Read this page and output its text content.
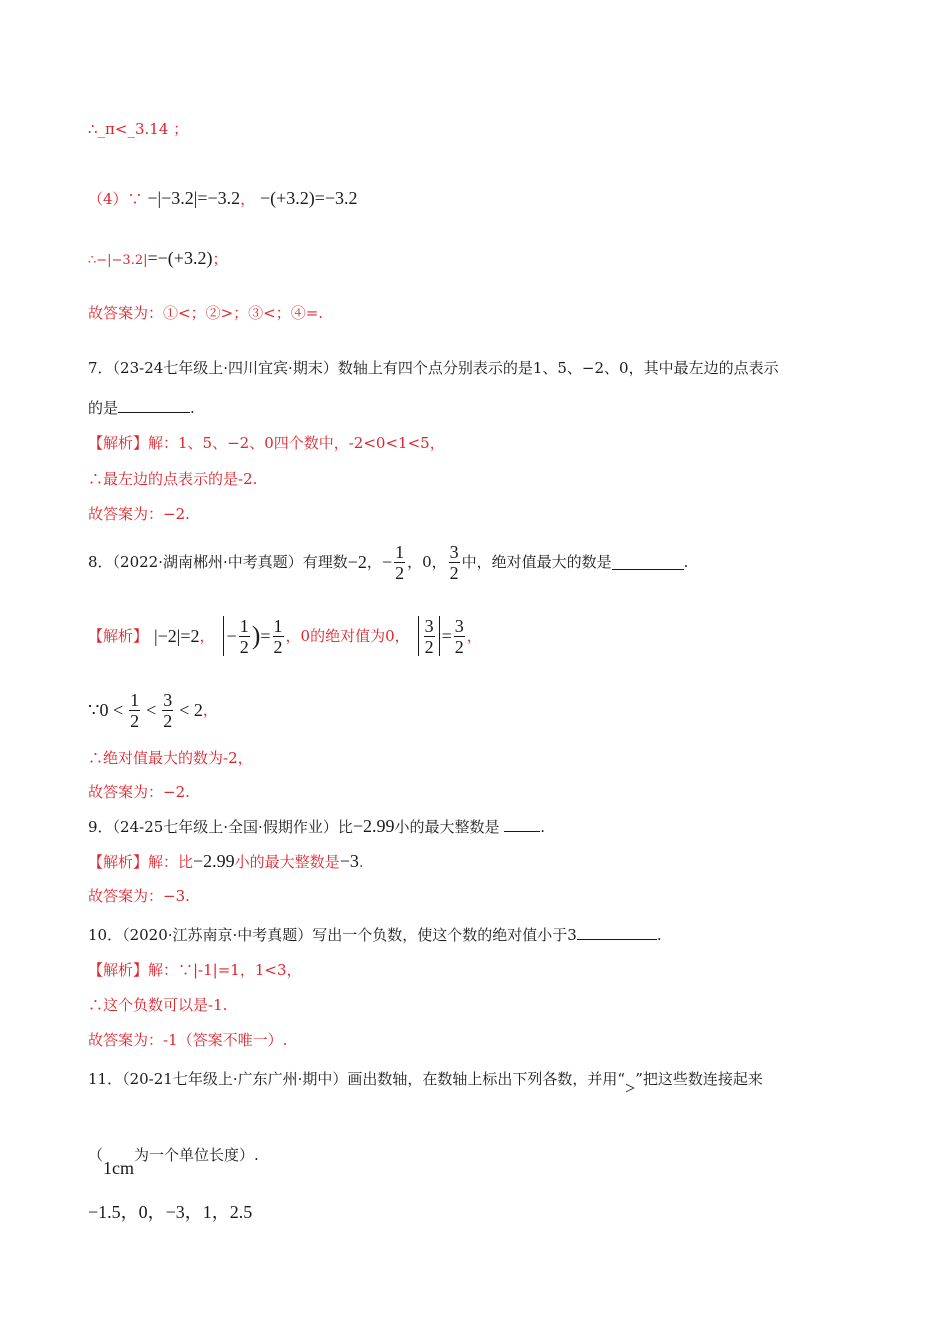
∴_π<_3.14 ；
（4）∵ −|−3.2|=−3.2， −(+3.2)=−3.2
∴−|−3.2|=−(+3.2)；
故答案为：①<；②>；③<；④=.
7．（23-24七年级上·四川宜宾·期末）数轴上有四个点分别表示的是1、5、−2、0，其中最左边的点表示
的是	.
【解析】解：1、5、−2、0四个数中，-2<0<1<5，
∴最左边的点表示的是-2.
故答案为：−2.
8．（2022·湖南郴州·中考真题）有理数 −2 ， − $\frac{1}{2}$ ，0， $\frac{3}{2}$ 中，绝对值最大的数是	.
【解析】 |−2|=2 ， − $\frac{1}{2}$ ) = $\frac{1}{2}$ ，0的绝对值为0， $\frac{3}{2} = \frac{3}{2}$ ，
∵0 < $\frac{1}{2} < \frac{3}{2} < 2$ ，
∴绝对值最大的数为-2，
故答案为：−2.
9．（24-25七年级上·全国·假期作业）比−2.99小的最大整数是	.
【解析】解：比−2.99小的最大整数是−3.
故答案为：−3.
10．（2020·江苏南京·中考真题）写出一个负数，使这个数的绝对值小于3	.
【解析】解：∵|-1|=1，1<3，
∴这个负数可以是-1.
故答案为：-1（答案不唯一）.
11．（20-21七年级上·广东广州·期中）画出数轴，在数轴上标出下列各数，并用“>”把这些数连接起来
（1cm为一个单位长度）.
−1.5，0，−3，1，2.5
